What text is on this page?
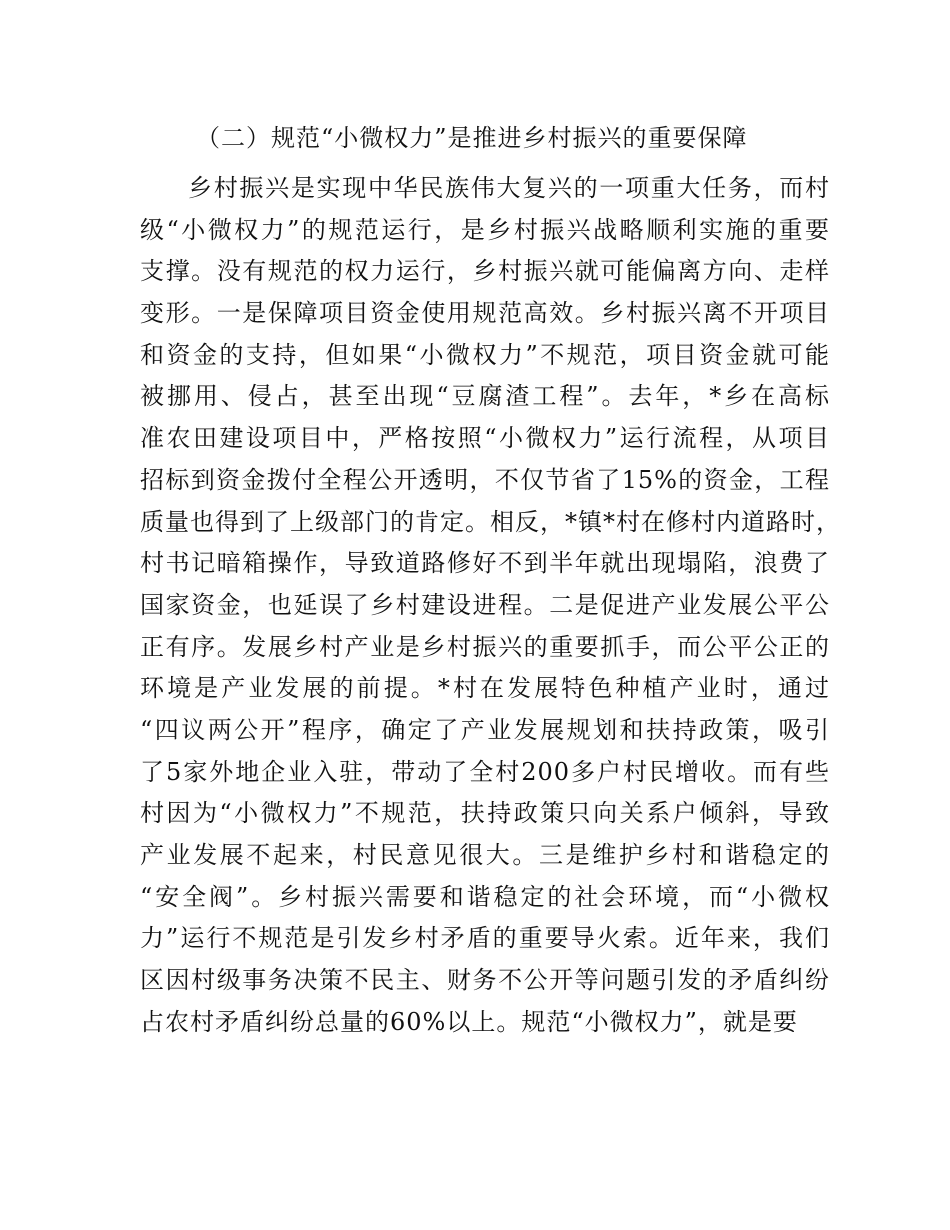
（二）规范“小微权力”是推进乡村振兴的重要保障
乡村振兴是实现中华民族伟大复兴的一项重大任务，而村
级“小微权力”的规范运行，是乡村振兴战略顺利实施的重要
支撑。没有规范的权力运行，乡村振兴就可能偏离方向、走样
变形。一是保障项目资金使用规范高效。乡村振兴离不开项目
和资金的支持，但如果“小微权力”不规范，项目资金就可能
被挪用、侵占，甚至出现“豆腐渣工程”。去年，*乡在高标
准农田建设项目中，严格按照“小微权力”运行流程，从项目
招标到资金拨付全程公开透明，不仅节省了15%的资金，工程
质量也得到了上级部门的肯定。相反，*镇*村在修村内道路时，
村书记暗箱操作，导致道路修好不到半年就出现塌陷，浪费了
国家资金，也延误了乡村建设进程。二是促进产业发展公平公
正有序。发展乡村产业是乡村振兴的重要抓手，而公平公正的
环境是产业发展的前提。*村在发展特色种植产业时，通过
“四议两公开”程序，确定了产业发展规划和扶持政策，吸引
了5家外地企业入驻，带动了全村200多户村民增收。而有些
村因为“小微权力”不规范，扶持政策只向关系户倾斜，导致
产业发展不起来，村民意见很大。三是维护乡村和谐稳定的
“安全阀”。乡村振兴需要和谐稳定的社会环境，而“小微权
力”运行不规范是引发乡村矛盾的重要导火索。近年来，我们
区因村级事务决策不民主、财务不公开等问题引发的矛盾纠纷
占农村矛盾纠纷总量的60%以上。规范“小微权力”，就是要
